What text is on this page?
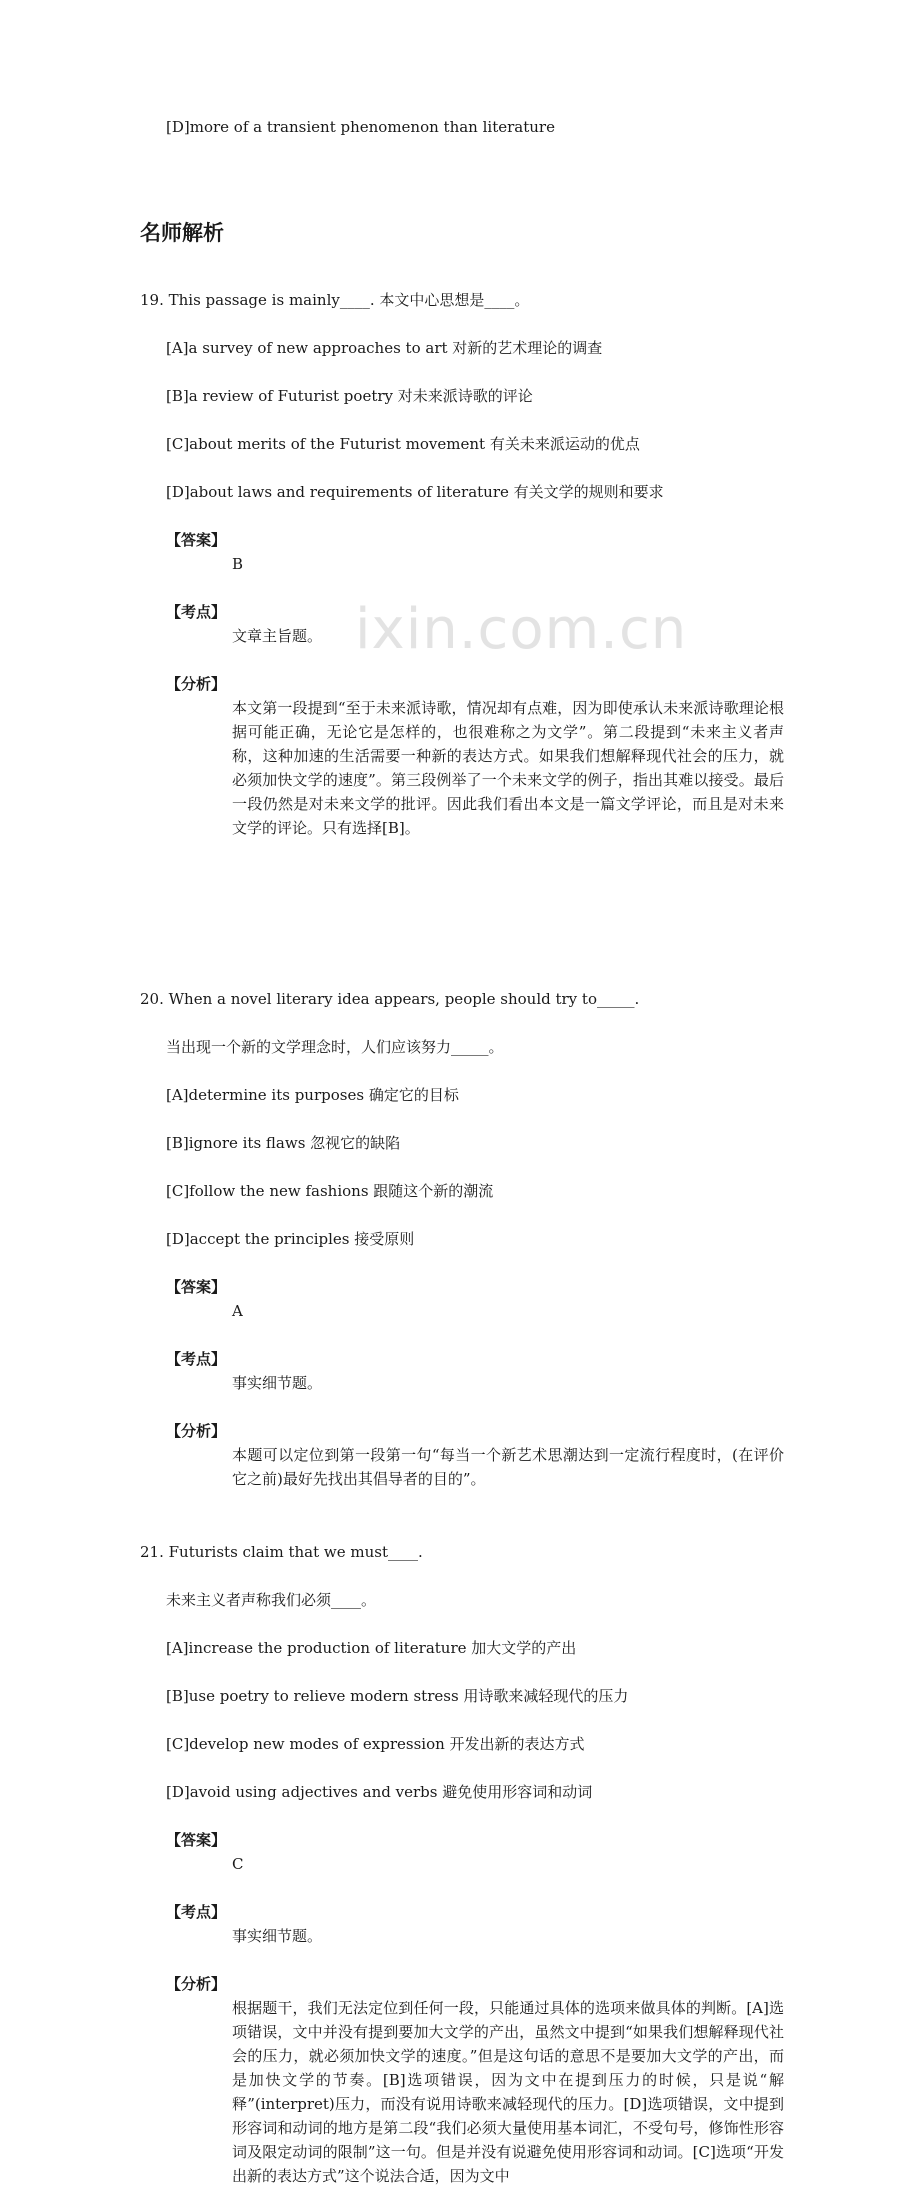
ixin.com.cn
[D]more of a transient phenomenon than literature
名师解析
19. This passage is mainly____. 本文中心思想是____。
[A]a survey of new approaches to art 对新的艺术理论的调查
[B]a review of Futurist poetry 对未来派诗歌的评论
[C]about merits of the Futurist movement 有关未来派运动的优点
[D]about laws and requirements of literature 有关文学的规则和要求
【答案】
B
【考点】
文章主旨题。
【分析】
本文第一段提到“至于未来派诗歌，情况却有点难，因为即使承认未来派诗歌理论根据可能正确，无论它是怎样的，也很难称之为文学”。第二段提到“未来主义者声称，这种加速的生活需要一种新的表达方式。如果我们想解释现代社会的压力，就必须加快文学的速度”。第三段例举了一个未来文学的例子，指出其难以接受。最后一段仍然是对未来文学的批评。因此我们看出本文是一篇文学评论，而且是对未来文学的评论。只有选择[B]。
20. When a novel literary idea appears, people should try to_____.
当出现一个新的文学理念时，人们应该努力_____。
[A]determine its purposes 确定它的目标
[B]ignore its flaws 忽视它的缺陷
[C]follow the new fashions 跟随这个新的潮流
[D]accept the principles 接受原则
【答案】
A
【考点】
事实细节题。
【分析】
本题可以定位到第一段第一句“每当一个新艺术思潮达到一定流行程度时，(在评价它之前)最好先找出其倡导者的目的”。
21. Futurists claim that we must____.
未来主义者声称我们必须____。
[A]increase the production of literature 加大文学的产出
[B]use poetry to relieve modern stress 用诗歌来减轻现代的压力
[C]develop new modes of expression 开发出新的表达方式
[D]avoid using adjectives and verbs 避免使用形容词和动词
【答案】
C
【考点】
事实细节题。
【分析】
根据题干，我们无法定位到任何一段，只能通过具体的选项来做具体的判断。[A]选项错误，文中并没有提到要加大文学的产出，虽然文中提到“如果我们想解释现代社会的压力，就必须加快文学的速度。”但是这句话的意思不是要加大文学的产出，而是加快文学的节奏。[B]选项错误，因为文中在提到压力的时候，只是说“解释”(interpret)压力，而没有说用诗歌来减轻现代的压力。[D]选项错误，文中提到形容词和动词的地方是第二段“我们必须大量使用基本词汇，不受句号，修饰性形容词及限定动词的限制”这一句。但是并没有说避免使用形容词和动词。[C]选项“开发出新的表达方式”这个说法合适，因为文中
